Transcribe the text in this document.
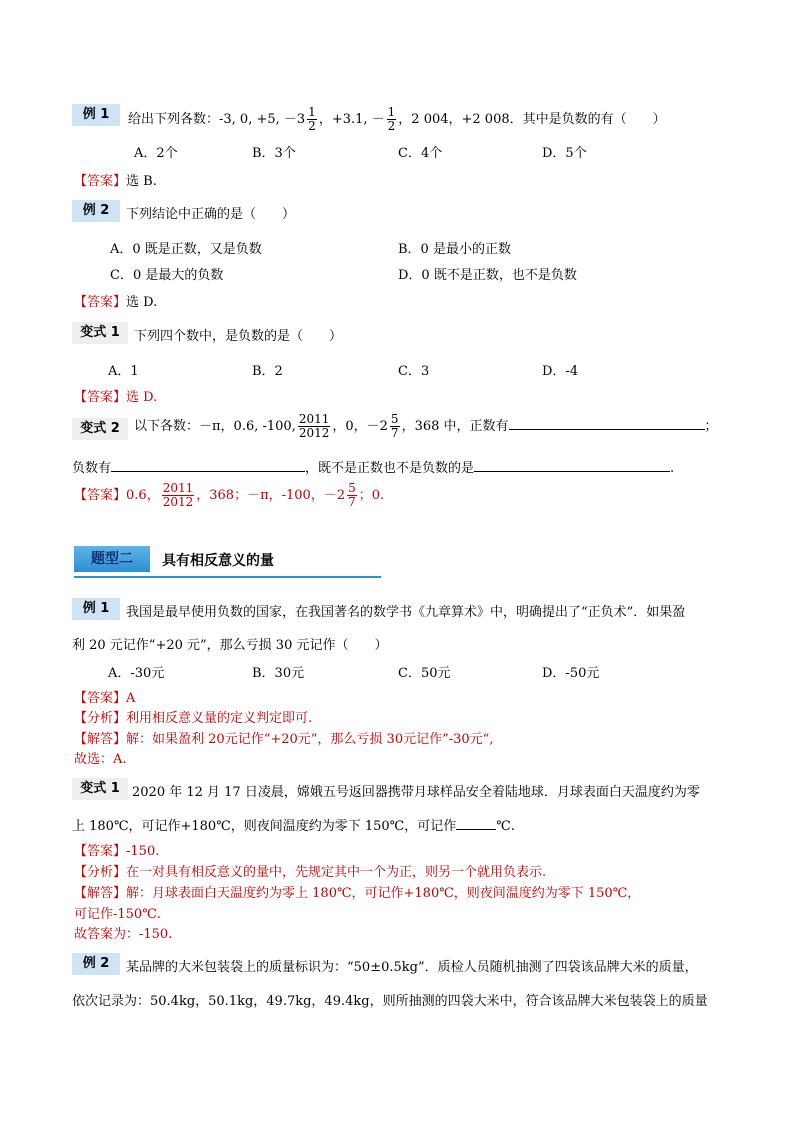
例 1	给出下列各数：-3, 0, +5, $-3 \frac{1}{2}$ ，+3.1, － $\frac{1}{2}$ ，2 004，+2 008．其中是负数的有（　　）
A．2个	B．3个	C．4个	D．5个
【答案】选 B.
例 2	下列结论中正确的是（　　）
A．0 既是正数，又是负数	B．0 是最小的正数
C．0 是最大的负数	D．0 既不是正数，也不是负数
【答案】选 D.
变式 1	下列四个数中，是负数的是（　　）
A．1	B．2	C．3	D．-4
【答案】选 D.
变式 2	以下各数：－π，0.6, -100, $\frac{2011}{2012}$ ，0，$-2 \frac{5}{7}$ ，368 中，正数有	；
负数有	，既不是正数也不是负数的是	.
【答案】0.6， $\frac{2011}{2012}$ ，368；－π，-100，$-2 \frac{5}{7}$ ；0.
题型二	具有相反意义的量
例 1	我国是最早使用负数的国家，在我国著名的数学书《九章算术》中，明确提出了“正负术”．如果盈
利 20 元记作“+20 元”，那么亏损 30 元记作（　　）
A．-30元	B．30元	C．50元	D．-50元
【答案】A
【分析】利用相反意义量的定义判定即可.
【解答】解：如果盈利 20元记作“+20元”，那么亏损 30元记作”-30元“,
故选：A.
变式 1 2020 年 12 月 17 日凌晨，嫦娥五号返回器携带月球样品安全着陆地球．月球表面白天温度约为零
上 180℃，可记作+180℃，则夜间温度约为零下 150℃，可记作	℃.
【答案】-150.
【分析】在一对具有相反意义的量中，先规定其中一个为正，则另一个就用负表示.
【解答】解：月球表面白天温度约为零上 180℃，可记作+180℃，则夜间温度约为零下 150℃，
可记作-150℃.
故答案为：-150.
例 2	某品牌的大米包装袋上的质量标识为：“50±0.5kg”．质检人员随机抽测了四袋该品牌大米的质量，
依次记录为：50.4kg，50.1kg，49.7kg，49.4kg，则所抽测的四袋大米中，符合该品牌大米包装袋上的质量
